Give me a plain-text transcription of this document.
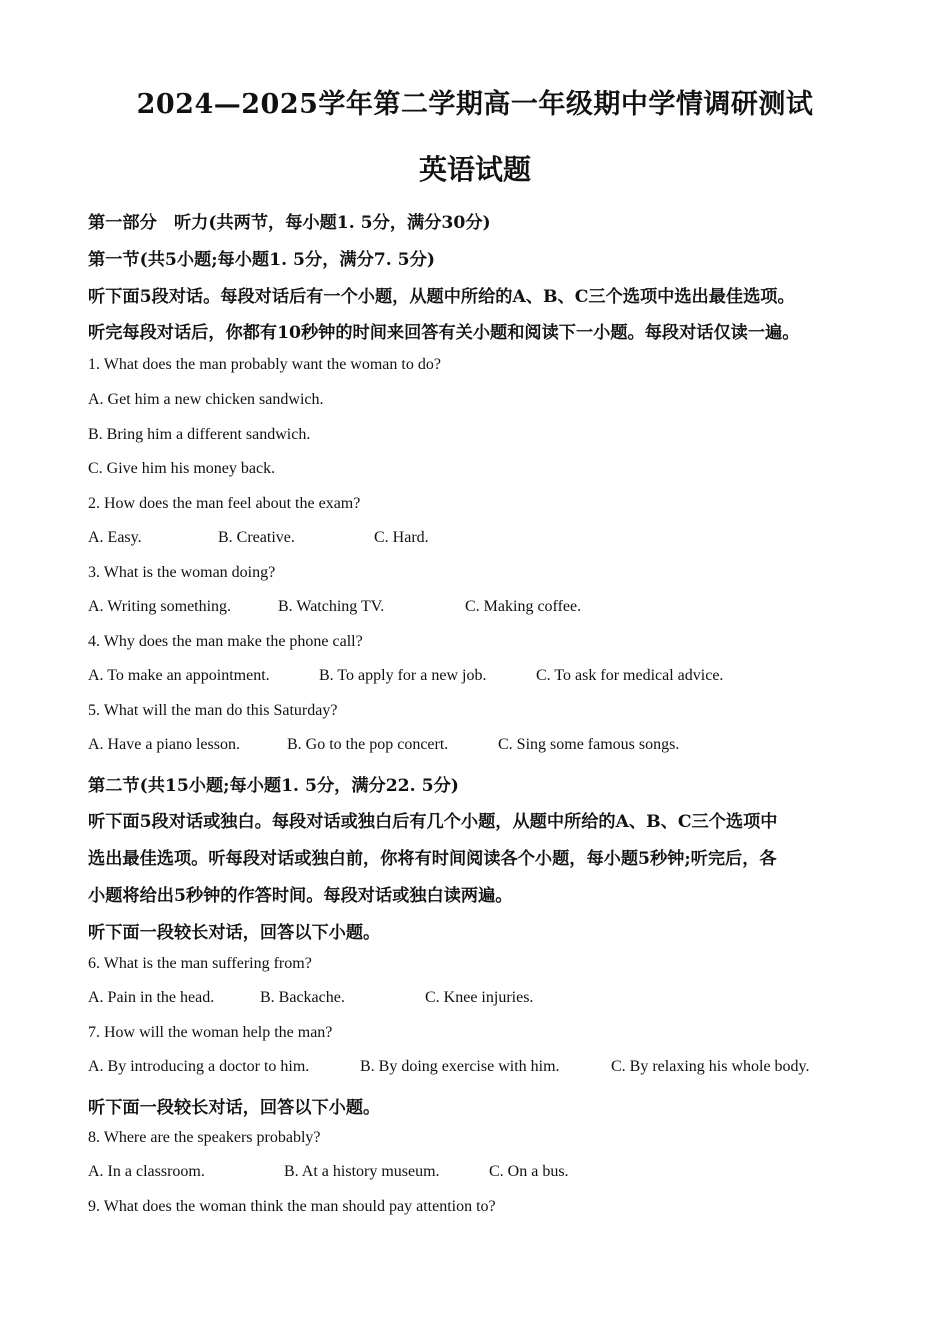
2024—2025学年第二学期高一年级期中学情调研测试
英语试题
第一部分　听力(共两节，每小题1. 5分，满分30分)
第一节(共5小题;每小题1. 5分，满分7. 5分)
听下面5段对话。每段对话后有一个小题，从题中所给的A、B、C三个选项中选出最佳选项。
听完每段对话后，你都有10秒钟的时间来回答有关小题和阅读下一小题。每段对话仅读一遍。
1. What does the man probably want the woman to do?
A. Get him a new chicken sandwich.
B. Bring him a different sandwich.
C. Give him his money back.
2. How does the man feel about the exam?
A. Easy.	B. Creative.	C. Hard.
3. What is the woman doing?
A. Writing something.	B. Watching TV.	C. Making coffee.
4. Why does the man make the phone call?
A. To make an appointment.	B. To apply for a new job.	C. To ask for medical advice.
5. What will the man do this Saturday?
A. Have a piano lesson.	B. Go to the pop concert.	C. Sing some famous songs.
第二节(共15小题;每小题1. 5分，满分22. 5分)
听下面5段对话或独白。每段对话或独白后有几个小题，从题中所给的A、B、C三个选项中
选出最佳选项。听每段对话或独白前，你将有时间阅读各个小题，每小题5秒钟;听完后，各
小题将给出5秒钟的作答时间。每段对话或独白读两遍。
听下面一段较长对话，回答以下小题。
6. What is the man suffering from?
A. Pain in the head.	B. Backache.	C. Knee injuries.
7. How will the woman help the man?
A. By introducing a doctor to him.	B. By doing exercise with him.	C. By relaxing his whole body.
听下面一段较长对话，回答以下小题。
8. Where are the speakers probably?
A. In a classroom.	B. At a history museum.	C. On a bus.
9. What does the woman think the man should pay attention to?
